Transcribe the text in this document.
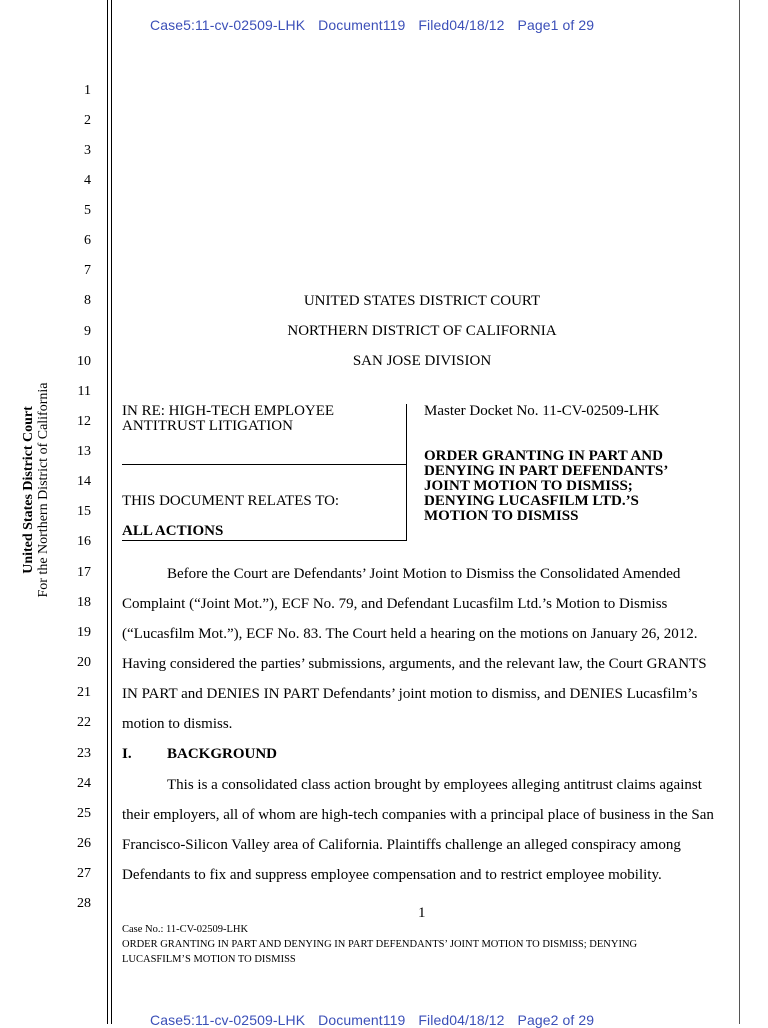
Case5:11-cv-02509-LHK Document119 Filed04/18/12 Page1 of 29
United States District Court For the Northern District of California
1
2
3
4
5
6
7
8
9
10
11
12
13
14
15
16
17
18
19
20
21
22
23
24
25
26
27
28
UNITED STATES DISTRICT COURT
NORTHERN DISTRICT OF CALIFORNIA
SAN JOSE DIVISION
IN RE: HIGH-TECH EMPLOYEE
ANTITRUST LITIGATION
THIS DOCUMENT RELATES TO:
ALL ACTIONS
Master Docket No. 11-CV-02509-LHK
ORDER GRANTING IN PART AND
DENYING IN PART DEFENDANTS’
JOINT MOTION TO DISMISS;
DENYING LUCASFILM LTD.’S
MOTION TO DISMISS
Before the Court are Defendants’ Joint Motion to Dismiss the Consolidated Amended
Complaint (“Joint Mot.”), ECF No. 79, and Defendant Lucasfilm Ltd.’s Motion to Dismiss
(“Lucasfilm Mot.”), ECF No. 83. The Court held a hearing on the motions on January 26, 2012.
Having considered the parties’ submissions, arguments, and the relevant law, the Court GRANTS
IN PART and DENIES IN PART Defendants’ joint motion to dismiss, and DENIES Lucasfilm’s
motion to dismiss.
I. BACKGROUND
This is a consolidated class action brought by employees alleging antitrust claims against
their employers, all of whom are high-tech companies with a principal place of business in the San
Francisco-Silicon Valley area of California. Plaintiffs challenge an alleged conspiracy among
Defendants to fix and suppress employee compensation and to restrict employee mobility.
1
Case No.: 11-CV-02509-LHK
ORDER GRANTING IN PART AND DENYING IN PART DEFENDANTS’ JOINT MOTION TO DISMISS; DENYING
LUCASFILM’S MOTION TO DISMISS
Case5:11-cv-02509-LHK Document119 Filed04/18/12 Page2 of 29
